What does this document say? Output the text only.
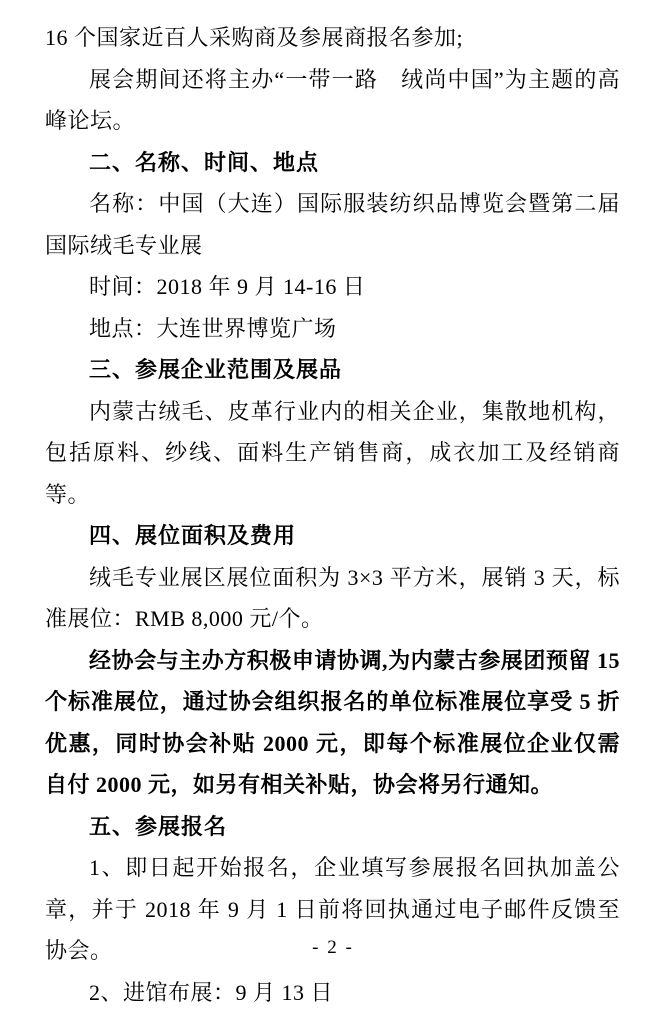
16 个国家近百人采购商及参展商报名参加;

展会期间还将主办“一带一路　绒尚中国”为主题的高峰论坛。

二、名称、时间、地点

名称：中国（大连）国际服装纺织品博览会暨第二届国际绒毛专业展

时间：2018 年 9 月 14-16 日

地点：大连世界博览广场

三、参展企业范围及展品

内蒙古绒毛、皮革行业内的相关企业，集散地机构，包括原料、纱线、面料生产销售商，成衣加工及经销商等。

四、展位面积及费用

绒毛专业展区展位面积为 3×3 平方米，展销 3 天，标准展位：RMB 8,000 元/个。

经协会与主办方积极申请协调,为内蒙古参展团预留 15 个标准展位，通过协会组织报名的单位标准展位享受 5 折优惠，同时协会补贴 2000 元，即每个标准展位企业仅需自付 2000 元，如另有相关补贴，协会将另行通知。

五、参展报名

1、即日起开始报名，企业填写参展报名回执加盖公章，并于 2018 年 9 月 1 日前将回执通过电子邮件反馈至协会。

2、进馆布展：9 月 13 日

- 2 -
